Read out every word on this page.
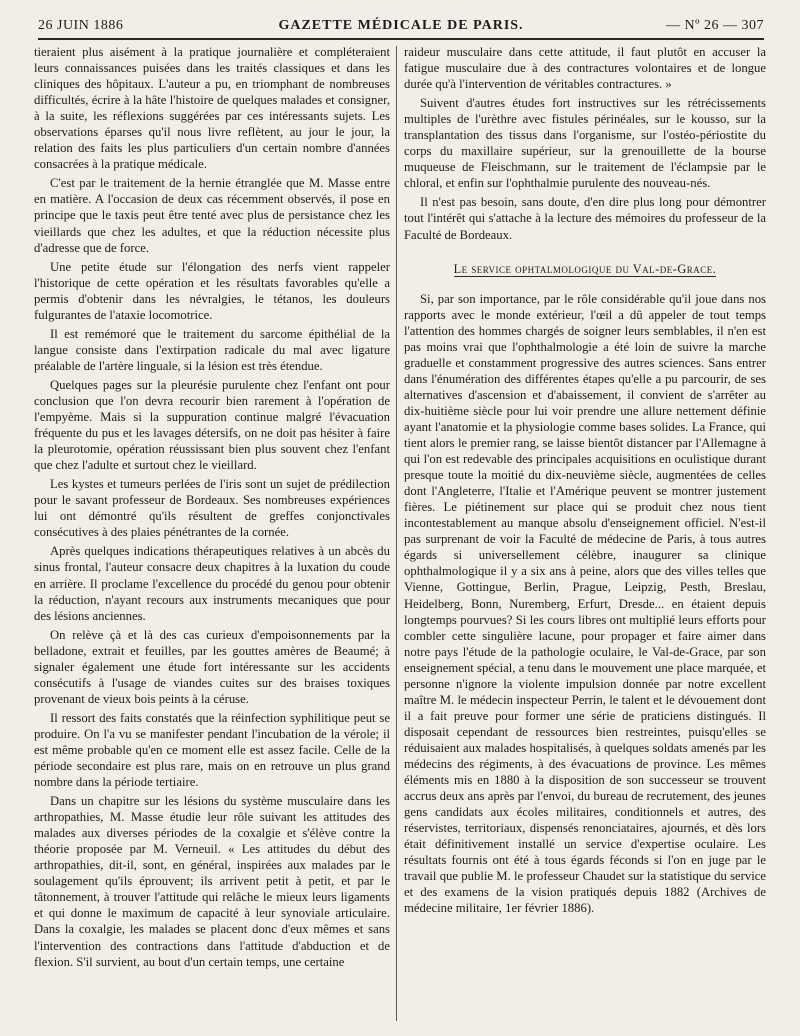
26 JUIN 1886	GAZETTE MÉDICALE DE PARIS.	— Nº 26 — 307

tieraient plus aisément à la pratique journalière et compléteraient leurs connaissances puisées dans les traités classiques et dans les cliniques des hôpitaux. L'auteur a pu, en triomphant de nombreuses difficultés, écrire à la hâte l'histoire de quelques malades et consigner, à la suite, les réflexions suggérées par ces intéressants sujets. Les observations éparses qu'il nous livre reflètent, au jour le jour, la relation des faits les plus particuliers d'un certain nombre d'années consacrées à la pratique médicale.

C'est par le traitement de la hernie étranglée que M. Masse entre en matière. A l'occasion de deux cas récemment observés, il pose en principe que le taxis peut être tenté avec plus de persistance chez les vieillards que chez les adultes, et que la réduction nécessite plus d'adresse que de force.

Une petite étude sur l'élongation des nerfs vient rappeler l'historique de cette opération et les résultats favorables qu'elle a permis d'obtenir dans les névralgies, le tétanos, les douleurs fulgurantes de l'ataxie locomotrice.

Il est remémoré que le traitement du sarcome épithélial de la langue consiste dans l'extirpation radicale du mal avec ligature préalable de l'artère linguale, si la lésion est très étendue.

Quelques pages sur la pleurésie purulente chez l'enfant ont pour conclusion que l'on devra recourir bien rarement à l'opération de l'empyème. Mais si la suppuration continue malgré l'évacuation fréquente du pus et les lavages détersifs, on ne doit pas hésiter à faire la pleurotomie, opération réussissant bien plus souvent chez l'enfant que chez l'adulte et surtout chez le vieillard.

Les kystes et tumeurs perlées de l'iris sont un sujet de prédilection pour le savant professeur de Bordeaux. Ses nombreuses expériences lui ont démontré qu'ils résultent de greffes conjonctivales consécutives à des plaies pénétrantes de la cornée.

Après quelques indications thérapeutiques relatives à un abcès du sinus frontal, l'auteur consacre deux chapitres à la luxation du coude en arrière. Il proclame l'excellence du procédé du genou pour obtenir la réduction, n'ayant recours aux instruments mecaniques que pour des lésions anciennes.

On relève çà et là des cas curieux d'empoisonnements par la belladone, extrait et feuilles, par les gouttes amères de Beaumé; à signaler également une étude fort intéressante sur les accidents consécutifs à l'usage de viandes cuites sur des braises toxiques provenant de vieux bois peints à la céruse.

Il ressort des faits constatés que la réinfection syphilitique peut se produire. On l'a vu se manifester pendant l'incubation de la vérole; il est même probable qu'en ce moment elle est assez facile. Celle de la période secondaire est plus rare, mais on en retrouve un plus grand nombre dans la période tertiaire.

Dans un chapitre sur les lésions du système musculaire dans les arthropathies, M. Masse étudie leur rôle suivant les attitudes des malades aux diverses périodes de la coxalgie et s'élève contre la théorie proposée par M. Verneuil. « Les attitudes du début des arthropathies, dit-il, sont, en général, inspirées aux malades par le soulagement qu'ils éprouvent; ils arrivent petit à petit, et par le tâtonnement, à trouver l'attitude qui relâche le mieux leurs ligaments et qui donne le maximum de capacité à leur synoviale articulaire. Dans la coxalgie, les malades se placent donc d'eux mêmes et sans l'intervention des contractions dans l'attitude d'abduction et de flexion. S'il survient, au bout d'un certain temps, une certaine

raideur musculaire dans cette attitude, il faut plutôt en accuser la fatigue musculaire due à des contractures volontaires et de longue durée qu'à l'intervention de véritables contractures. »

Suivent d'autres études fort instructives sur les rétrécissements multiples de l'urèthre avec fistules périnéales, sur le kousso, sur la transplantation des tissus dans l'organisme, sur l'ostéo-périostite du corps du maxillaire supérieur, sur la grenouillette de la bourse muqueuse de Fleischmann, sur le traitement de l'éclampsie par le chloral, et enfin sur l'ophthalmie purulente des nouveau-nés.

Il n'est pas besoin, sans doute, d'en dire plus long pour démontrer tout l'intérêt qui s'attache à la lecture des mémoires du professeur de la Faculté de Bordeaux.

Le service ophtalmologique du Val-de-Grace.

Si, par son importance, par le rôle considérable qu'il joue dans nos rapports avec le monde extérieur, l'œil a dû appeler de tout temps l'attention des hommes chargés de soigner leurs semblables, il n'en est pas moins vrai que l'ophthalmologie a été loin de suivre la marche graduelle et constamment progressive des autres sciences. Sans entrer dans l'énumération des différentes étapes qu'elle a pu parcourir, de ses alternatives d'ascension et d'abaissement, il convient de s'arrêter au dix-huitième siècle pour lui voir prendre une allure nettement définie ayant l'anatomie et la physiologie comme bases solides. La France, qui tient alors le premier rang, se laisse bientôt distancer par l'Allemagne à qui l'on est redevable des principales acquisitions en oculistique durant presque toute la moitié du dix-neuvième siècle, augmentées de celles dont l'Angleterre, l'Italie et l'Amérique peuvent se montrer justement fières. Le piétinement sur place qui se produit chez nous tient incontestablement au manque absolu d'enseignement officiel. N'est-il pas surprenant de voir la Faculté de médecine de Paris, à tous autres égards si universellement célèbre, inaugurer sa clinique ophthalmologique il y a six ans à peine, alors que des villes telles que Vienne, Gottingue, Berlin, Prague, Leipzig, Pesth, Breslau, Heidelberg, Bonn, Nuremberg, Erfurt, Dresde... en étaient depuis longtemps pourvues? Si les cours libres ont multiplié leurs efforts pour combler cette singulière lacune, pour propager et faire aimer dans notre pays l'étude de la pathologie oculaire, le Val-de-Grace, par son enseignement spécial, a tenu dans le mouvement une place marquée, et personne n'ignore la violente impulsion donnée par notre excellent maître M. le médecin inspecteur Perrin, le talent et le dévouement dont il a fait preuve pour former une série de praticiens distingués. Il disposait cependant de ressources bien restreintes, puisqu'elles se réduisaient aux malades hospitalisés, à quelques soldats amenés par les médecins des régiments, à des évacuations de province. Les mêmes éléments mis en 1880 à la disposition de son successeur se trouvent accrus deux ans après par l'envoi, du bureau de recrutement, des jeunes gens candidats aux écoles militaires, conditionnels et autres, des réservistes, territoriaux, dispensés renonciataires, ajournés, et dès lors était définitivement installé un service d'expertise oculaire. Les résultats fournis ont été à tous égards féconds si l'on en juge par le travail que publie M. le professeur Chaudet sur la statistique du service et des examens de la vision pratiqués depuis 1882 (Archives de médecine militaire, 1er février 1886).
